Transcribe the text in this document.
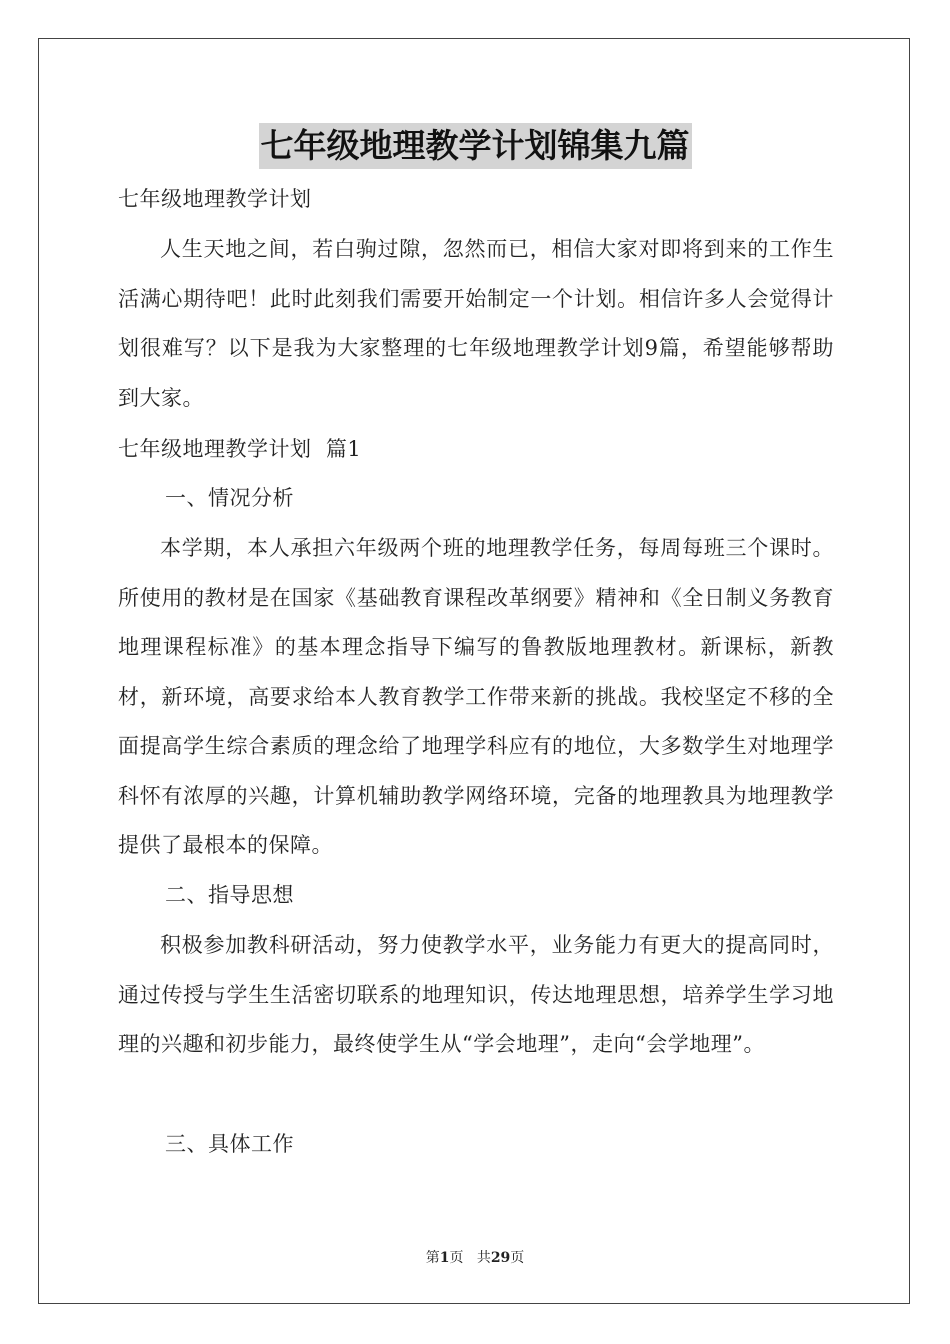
七年级地理教学计划锦集九篇
七年级地理教学计划
人生天地之间，若白驹过隙，忽然而已，相信大家对即将到来的工作生活满心期待吧！此时此刻我们需要开始制定一个计划。相信许多人会觉得计划很难写？以下是我为大家整理的七年级地理教学计划9篇，希望能够帮助到大家。
七年级地理教学计划  篇1
一、情况分析
本学期，本人承担六年级两个班的地理教学任务，每周每班三个课时。所使用的教材是在国家《基础教育课程改革纲要》精神和《全日制义务教育地理课程标准》的基本理念指导下编写的鲁教版地理教材。新课标，新教材，新环境，高要求给本人教育教学工作带来新的挑战。我校坚定不移的全面提高学生综合素质的理念给了地理学科应有的地位，大多数学生对地理学科怀有浓厚的兴趣，计算机辅助教学网络环境，完备的地理教具为地理教学提供了最根本的保障。
二、指导思想
积极参加教科研活动，努力使教学水平，业务能力有更大的提高同时，通过传授与学生生活密切联系的地理知识，传达地理思想，培养学生学习地理的兴趣和初步能力，最终使学生从“学会地理”，走向“会学地理”。
三、具体工作
第1页 共29页
